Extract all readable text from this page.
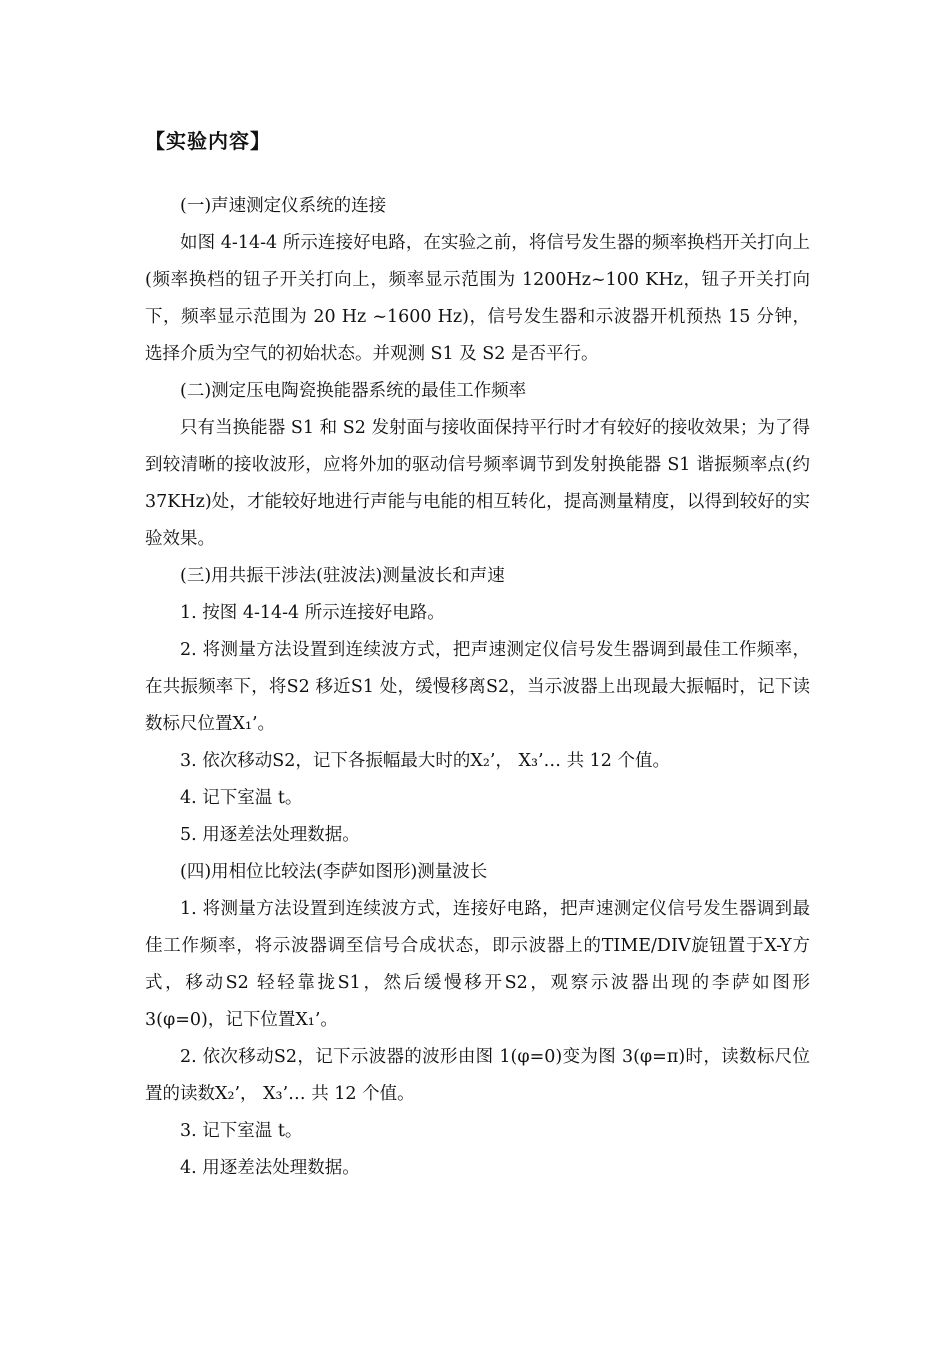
【实验内容】

(一)声速测定仪系统的连接

如图 4-14-4 所示连接好电路，在实验之前，将信号发生器的频率换档开关打向上(频率换档的钮子开关打向上，频率显示范围为 1200Hz~100 KHz，钮子开关打向下，频率显示范围为 20 Hz ~1600 Hz)，信号发生器和示波器开机预热 15 分钟，选择介质为空气的初始状态。并观测 S1 及 S2 是否平行。

(二)测定压电陶瓷换能器系统的最佳工作频率

只有当换能器 S1 和 S2 发射面与接收面保持平行时才有较好的接收效果；为了得到较清晰的接收波形，应将外加的驱动信号频率调节到发射换能器 S1 谐振频率点(约 37KHz)处，才能较好地进行声能与电能的相互转化，提高测量精度，以得到较好的实验效果。

(三)用共振干涉法(驻波法)测量波长和声速

1. 按图 4-14-4 所示连接好电路。

2. 将测量方法设置到连续波方式，把声速测定仪信号发生器调到最佳工作频率，在共振频率下，将S2 移近S1 处，缓慢移离S2，当示波器上出现最大振幅时，记下读数标尺位置X₁’。

3. 依次移动S2，记下各振幅最大时的X₂’， X₃’… 共 12 个值。

4. 记下室温 t。

5. 用逐差法处理数据。

(四)用相位比较法(李萨如图形)测量波长

1. 将测量方法设置到连续波方式，连接好电路，把声速测定仪信号发生器调到最佳工作频率，将示波器调至信号合成状态，即示波器上的TIME/DIV旋钮置于X-Y方式，移动S2 轻轻靠拢S1，然后缓慢移开S2，观察示波器出现的李萨如图形 3(φ=0)，记下位置X₁’。

2. 依次移动S2，记下示波器的波形由图 1(φ=0)变为图 3(φ=π)时，读数标尺位置的读数X₂’， X₃’… 共 12 个值。

3. 记下室温 t。

4. 用逐差法处理数据。
